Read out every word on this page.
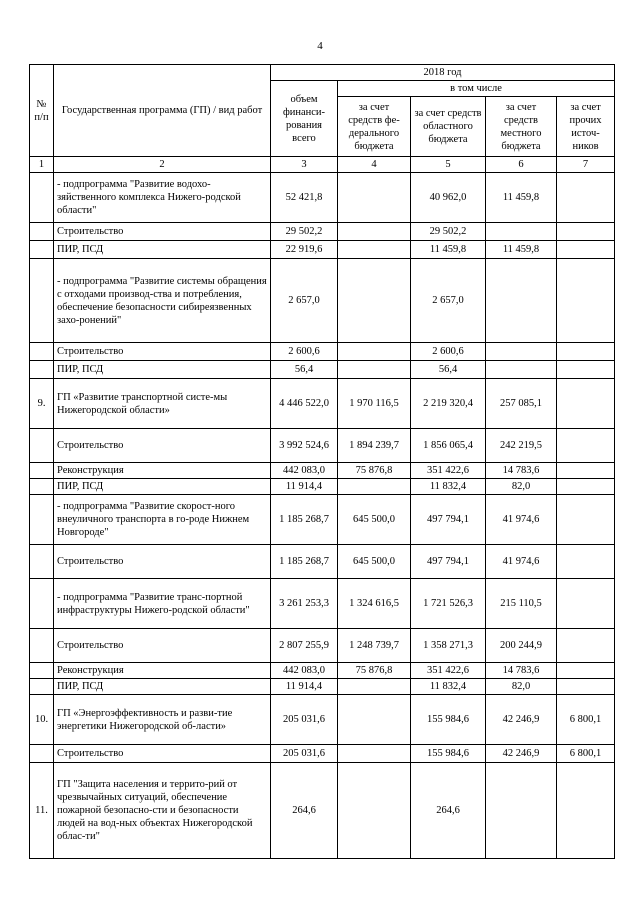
4
№ п/п	Государственная программа (ГП) / вид работ	2018 год				
		объем финанси-рования всего	в том числе			
			за счет средств фе-дерального бюджета	за счет средств областного бюджета	за счет средств местного бюджета	за счет прочих источ-ников
1	2	3	4	5	6	7
	- подпрограмма "Развитие водохо-зяйственного комплекса Нижего-родской области"	52 421,8		40 962,0	11 459,8	
	Строительство	29 502,2		29 502,2		
	ПИР, ПСД	22 919,6		11 459,8	11 459,8	
	- подпрограмма "Развитие системы обращения с отходами производ-ства и потребления, обеспечение безопасности сибиреязвенных захо-ронений"	2 657,0		2 657,0		
	Строительство	2 600,6		2 600,6		
	ПИР, ПСД	56,4		56,4		
9.	ГП «Развитие транспортной систе-мы Нижегородской области»	4 446 522,0	1 970 116,5	2 219 320,4	257 085,1	
	Строительство	3 992 524,6	1 894 239,7	1 856 065,4	242 219,5	
	Реконструкция	442 083,0	75 876,8	351 422,6	14 783,6	
	ПИР, ПСД	11 914,4		11 832,4	82,0	
	- подпрограмма "Развитие скорост-ного внеуличного транспорта в го-роде Нижнем Новгороде"	1 185 268,7	645 500,0	497 794,1	41 974,6	
	Строительство	1 185 268,7	645 500,0	497 794,1	41 974,6	
	- подпрограмма "Развитие транс-портной инфраструктуры Нижего-родской области"	3 261 253,3	1 324 616,5	1 721 526,3	215 110,5	
	Строительство	2 807 255,9	1 248 739,7	1 358 271,3	200 244,9	
	Реконструкция	442 083,0	75 876,8	351 422,6	14 783,6	
	ПИР, ПСД	11 914,4		11 832,4	82,0	
10.	ГП «Энергоэффективность и разви-тие энергетики Нижегородской об-ласти»	205 031,6		155 984,6	42 246,9	6 800,1
	Строительство	205 031,6		155 984,6	42 246,9	6 800,1
11.	ГП "Защита населения и террито-рий от чрезвычайных ситуаций, обеспечение пожарной безопасно-сти и безопасности людей на вод-ных объектах Нижегородской облас-ти"	264,6		264,6		
